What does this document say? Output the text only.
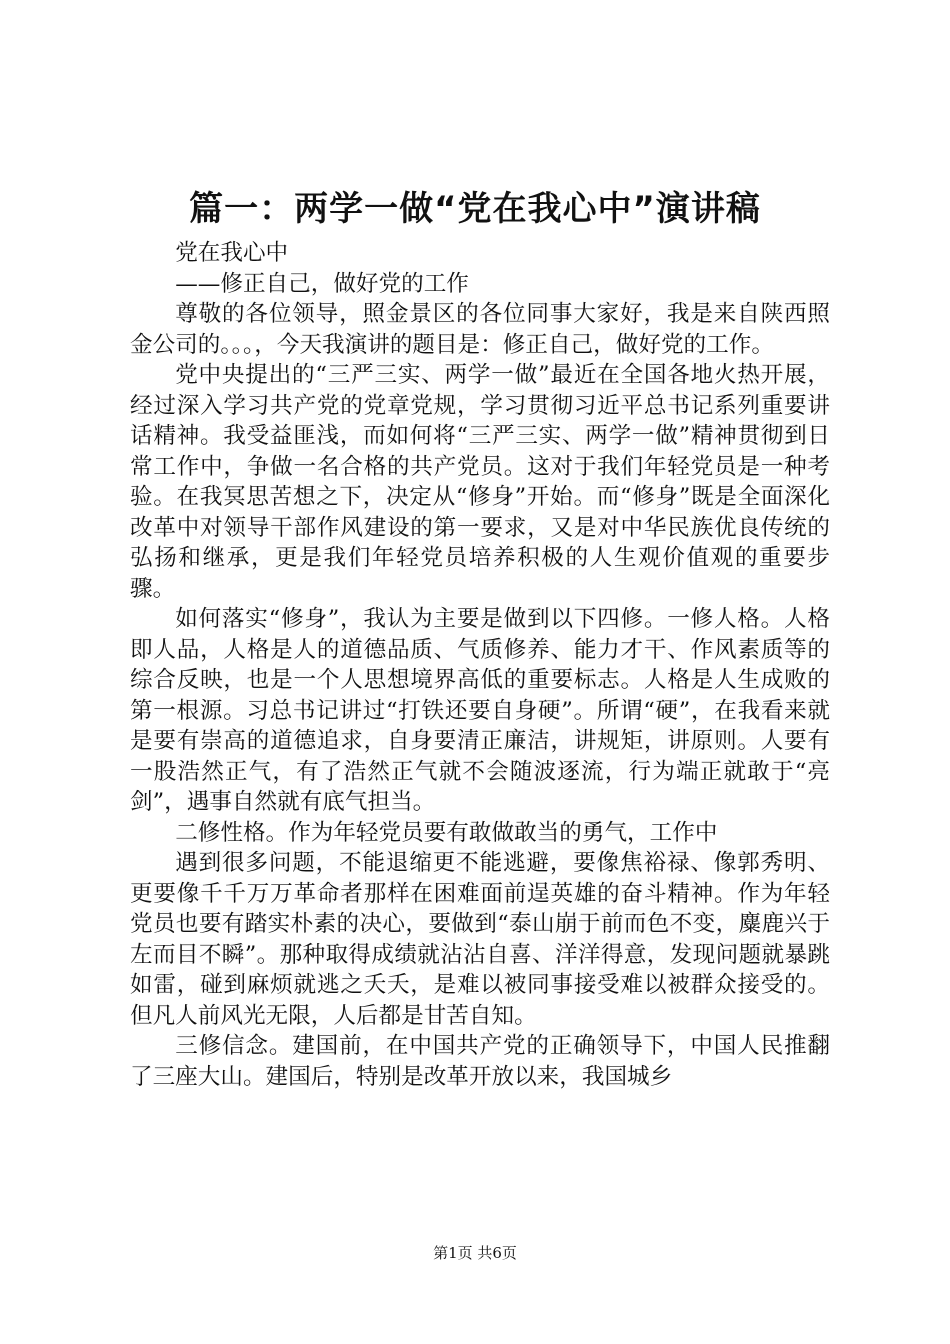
篇一：两学一做“党在我心中”演讲稿

党在我心中

——修正自己，做好党的工作

尊敬的各位领导，照金景区的各位同事大家好，我是来自陕西照金公司的。。。，今天我演讲的题目是：修正自己，做好党的工作。

党中央提出的“三严三实、两学一做”最近在全国各地火热开展，经过深入学习共产党的党章党规，学习贯彻习近平总书记系列重要讲话精神。我受益匪浅，而如何将“三严三实、两学一做”精神贯彻到日常工作中，争做一名合格的共产党员。这对于我们年轻党员是一种考验。在我冥思苦想之下，决定从“修身”开始。而“修身”既是全面深化改革中对领导干部作风建设的第一要求，又是对中华民族优良传统的弘扬和继承，更是我们年轻党员培养积极的人生观价值观的重要步骤。

如何落实“修身”，我认为主要是做到以下四修。一修人格。人格即人品，人格是人的道德品质、气质修养、能力才干、作风素质等的综合反映，也是一个人思想境界高低的重要标志。人格是人生成败的第一根源。习总书记讲过“打铁还要自身硬”。所谓“硬”，在我看来就是要有崇高的道德追求，自身要清正廉洁，讲规矩，讲原则。人要有一股浩然正气，有了浩然正气就不会随波逐流，行为端正就敢于“亮剑”，遇事自然就有底气担当。

二修性格。作为年轻党员要有敢做敢当的勇气，工作中

遇到很多问题，不能退缩更不能逃避，要像焦裕禄、像郭秀明、更要像千千万万革命者那样在困难面前逞英雄的奋斗精神。作为年轻党员也要有踏实朴素的决心，要做到“泰山崩于前而色不变，麋鹿兴于左而目不瞬”。那种取得成绩就沾沾自喜、洋洋得意，发现问题就暴跳如雷，碰到麻烦就逃之夭夭，是难以被同事接受难以被群众接受的。但凡人前风光无限，人后都是甘苦自知。

三修信念。建国前，在中国共产党的正确领导下，中国人民推翻了三座大山。建国后，特别是改革开放以来，我国城乡

第1页 共6页
